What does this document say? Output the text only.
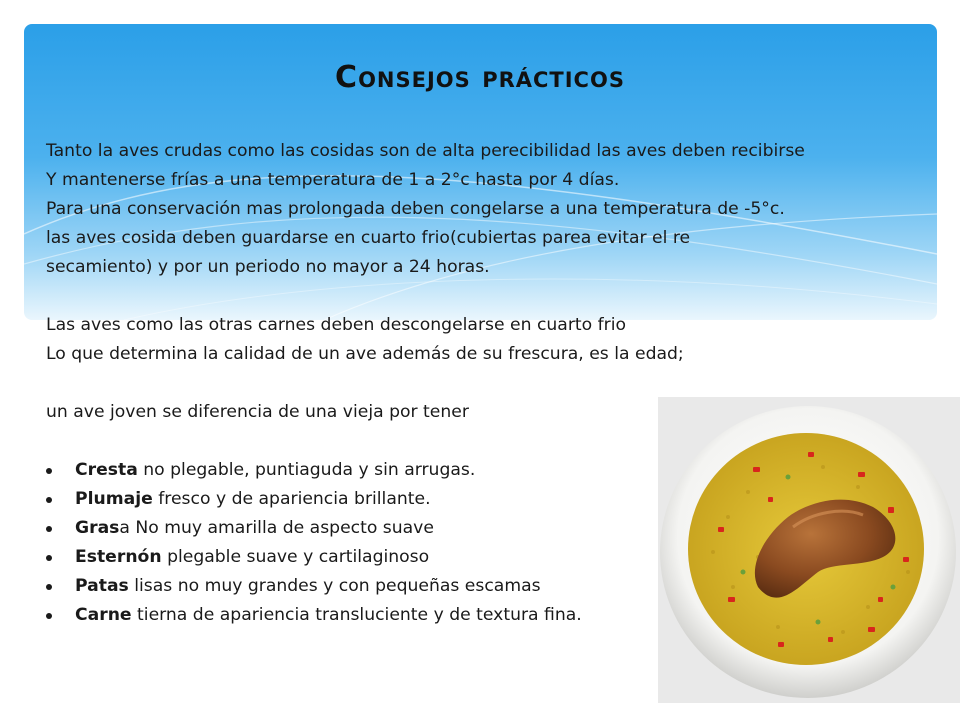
Consejos prácticos

Tanto la aves crudas como las cosidas son de alta perecibilidad las aves deben recibirse

Y mantenerse frías a una temperatura de 1 a 2°c hasta por 4 días.

Para una conservación mas prolongada deben congelarse a una temperatura de -5°c.

las aves cosida deben guardarse en cuarto frio(cubiertas parea evitar el re

secamiento) y por un periodo no mayor a 24 horas.

Las aves como las otras carnes deben descongelarse en cuarto frio

Lo que determina la calidad de un ave además de su frescura, es la edad;

un ave joven se diferencia de una vieja por tener

Cresta no plegable, puntiaguda y sin arrugas.
Plumaje fresco y de apariencia brillante.
Grasa No muy amarilla de aspecto suave
Esternón plegable suave y cartilaginoso
Patas lisas no muy grandes y con pequeñas escamas
Carne tierna de apariencia transluciente y de textura fina.
